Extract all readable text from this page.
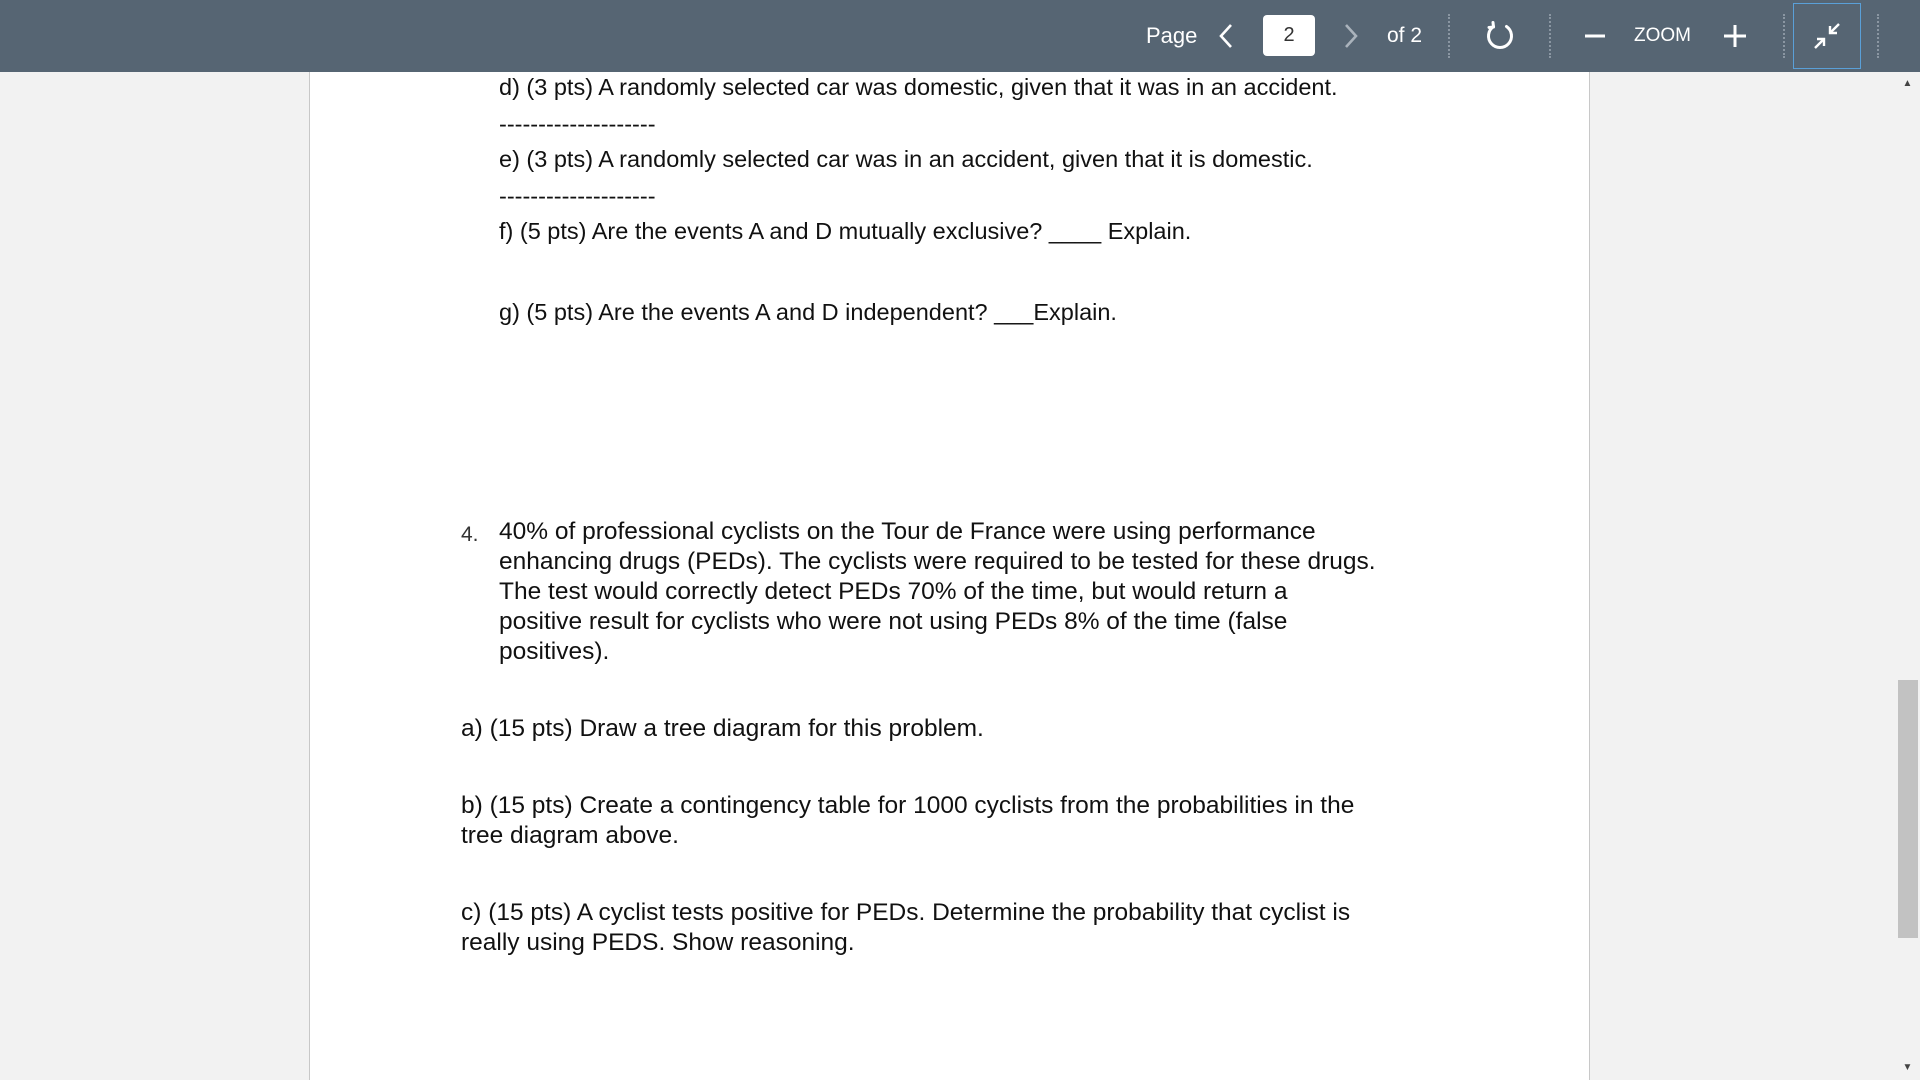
Page
2	of 2	ZOOM
d) (3 pts) A randomly selected car was domestic, given that it was in an accident.
--------------------
e) (3 pts) A randomly selected car was in an accident, given that it is domestic.
--------------------
f) (5 pts) Are the events A and D mutually exclusive? ____ Explain.
g) (5 pts) Are the events A and D independent? ___Explain.
4. 40% of professional cyclists on the Tour de France were using performance
enhancing drugs (PEDs). The cyclists were required to be tested for these drugs.
The test would correctly detect PEDs 70% of the time, but would return a
positive result for cyclists who were not using PEDs 8% of the time (false
positives).
a) (15 pts) Draw a tree diagram for this problem.
b) (15 pts) Create a contingency table for 1000 cyclists from the probabilities in the
tree diagram above.
c) (15 pts) A cyclist tests positive for PEDs. Determine the probability that cyclist is
really using PEDS. Show reasoning.
▲
▼
